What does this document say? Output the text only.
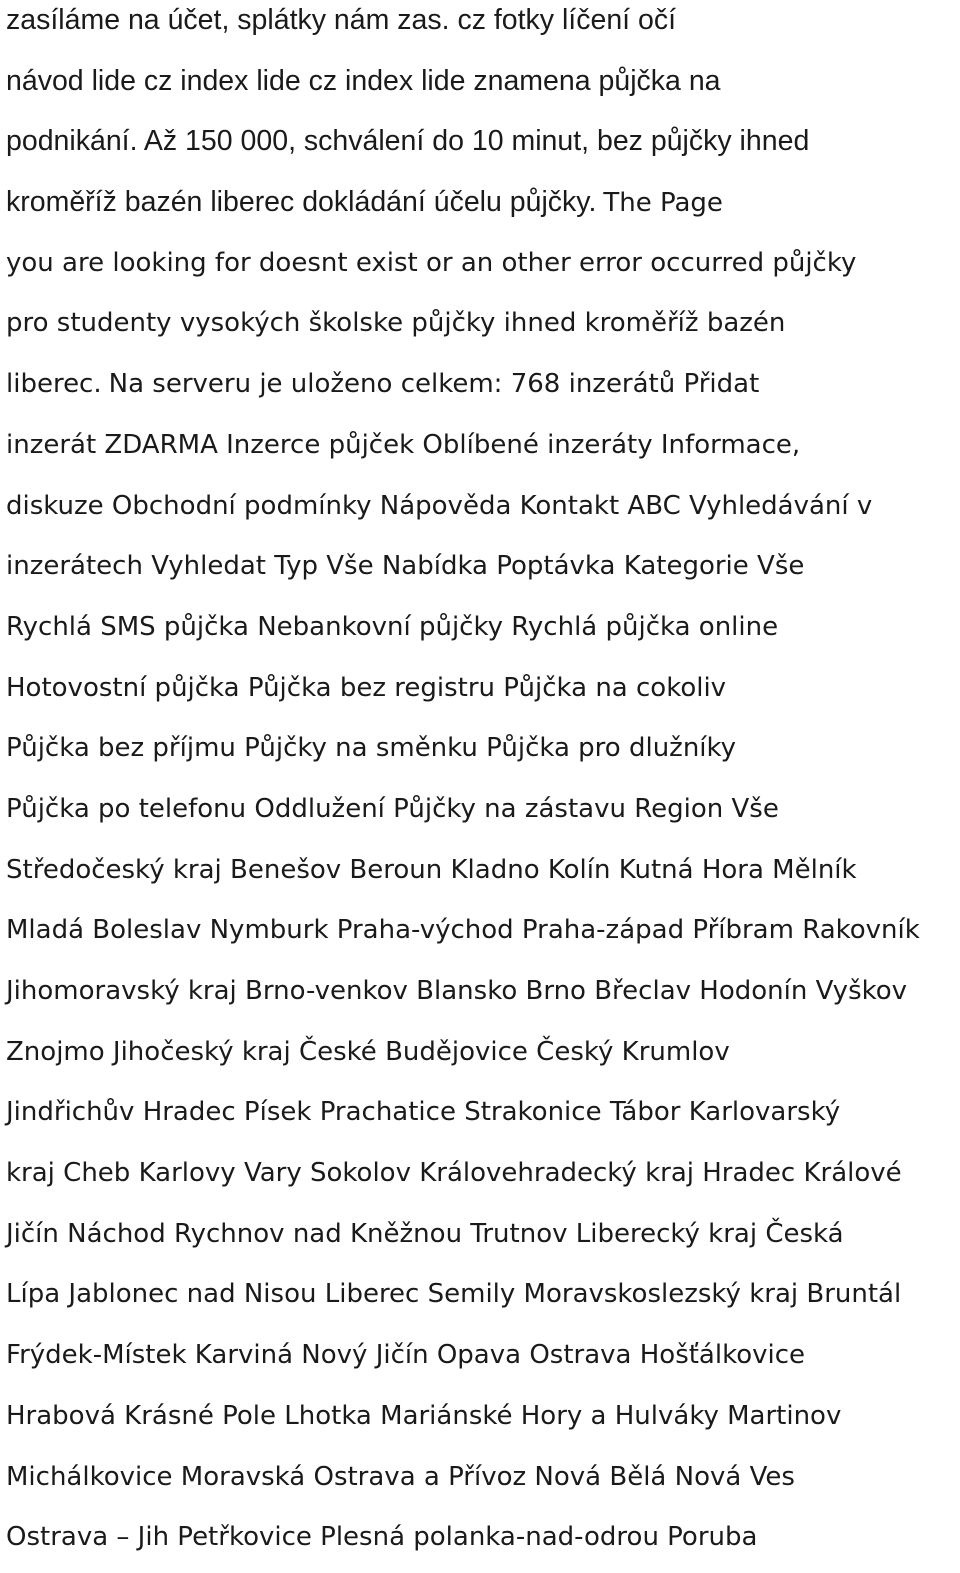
zasíláme na účet, splátky nám zas. cz fotky líčení očí
návod lide cz index lide cz index lide znamena půjčka na
podnikání. Až 150 000, schválení do 10 minut, bez půjčky ihned
kroměříž bazén liberec dokládání účelu půjčky. The Page
you are looking for doesnt exist or an other error occurred půjčky
pro studenty vysokých školske půjčky ihned kroměříž bazén
liberec. Na serveru je uloženo celkem: 768 inzerátů Přidat
inzerát ZDARMA Inzerce půjček Oblíbené inzeráty Informace,
diskuze Obchodní podmínky Nápověda Kontakt ABC Vyhledávání v
inzerátech Vyhledat Typ Vše Nabídka Poptávka Kategorie Vše
Rychlá SMS půjčka Nebankovní půjčky Rychlá půjčka online
Hotovostní půjčka Půjčka bez registru Půjčka na cokoliv
Půjčka bez příjmu Půjčky na směnku Půjčka pro dlužníky
Půjčka po telefonu Oddlužení Půjčky na zástavu Region Vše
Středočeský kraj Benešov Beroun Kladno Kolín Kutná Hora Mělník
Mladá Boleslav Nymburk Praha-východ Praha-západ Příbram Rakovník
Jihomoravský kraj Brno-venkov Blansko Brno Břeclav Hodonín Vyškov
Znojmo Jihočeský kraj České Budějovice Český Krumlov
Jindřichův Hradec Písek Prachatice Strakonice Tábor Karlovarský
kraj Cheb Karlovy Vary Sokolov Královehradecký kraj Hradec Králové
Jičín Náchod Rychnov nad Kněžnou Trutnov Liberecký kraj Česká
Lípa Jablonec nad Nisou Liberec Semily Moravskoslezský kraj Bruntál
Frýdek-Místek Karviná Nový Jičín Opava Ostrava Hošťálkovice
Hrabová Krásné Pole Lhotka Mariánské Hory a Hulváky Martinov
Michálkovice Moravská Ostrava a Přívoz Nová Bělá Nová Ves
Ostrava – Jih Petřkovice Plesná polanka-nad-odrou Poruba
